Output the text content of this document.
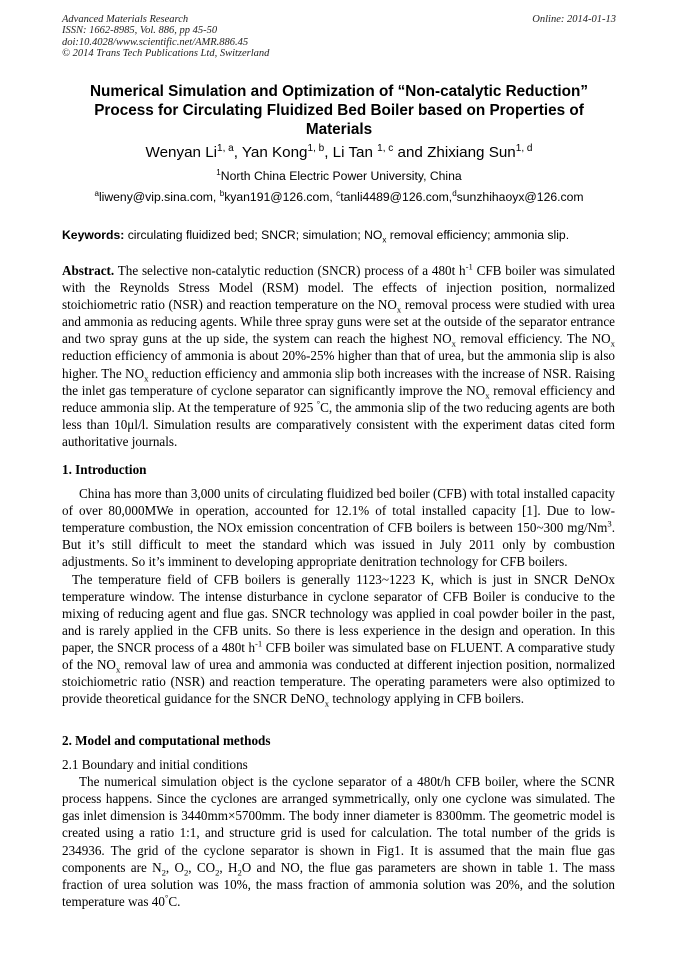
Advanced Materials Research
ISSN: 1662-8985, Vol. 886, pp 45-50
doi:10.4028/www.scientific.net/AMR.886.45
© 2014 Trans Tech Publications Ltd, Switzerland
Online: 2014-01-13
Numerical Simulation and Optimization of “Non-catalytic Reduction”
Process for Circulating Fluidized Bed Boiler based on Properties of
Materials
Wenyan Li$^{1, a}$, Yan Kong$^{1, b}$, Li Tan $^{1, c}$ and Zhixiang Sun$^{1, d}$
$^1$North China Electric Power University, China
$^a$liweny@vip.sina.com, $^b$kyan191@126.com, $^c$tanli4489@126.com,$^d$sunzhihaoyx@126.com
Keywords: circulating fluidized bed; SNCR; simulation; $NO_x$ removal efficiency; ammonia slip.
Abstract. The selective non-catalytic reduction (SNCR) process of a 480t $h^{-1}$ CFB boiler was simulated with the Reynolds Stress Model (RSM) model. The effects of injection position, normalized stoichiometric ratio (NSR) and reaction temperature on the $NO_x$ removal process were studied with urea and ammonia as reducing agents. While three spray guns were set at the outside of the separator entrance and two spray guns at the up side, the system can reach the highest $NO_x$ removal efficiency. The $NO_x$ reduction efficiency of ammonia is about 20%-25% higher than that of urea, but the ammonia slip is also higher. The $NO_x$ reduction efficiency and ammonia slip both increases with the increase of NSR. Raising the inlet gas temperature of cyclone separator can significantly improve the $NO_x$ removal efficiency and reduce ammonia slip. At the temperature of 925 °C, the ammonia slip of the two reducing agents are both less than 10μl/l. Simulation results are comparatively consistent with the experiment datas cited form authoritative journals.
1. Introduction

China has more than 3,000 units of circulating fluidized bed boiler (CFB) with total installed capacity of over 80,000MWe in operation, accounted for 12.1% of total installed capacity [1]. Due to low-temperature combustion, the NOx emission concentration of CFB boilers is between 150~300 mg/Nm$^3$. But it’s still difficult to meet the standard which was issued in July 2011 only by combustion adjustments. So it’s imminent to developing appropriate denitration technology for CFB boilers.

The temperature field of CFB boilers is generally 1123~1223 K, which is just in SNCR DeNOx temperature window. The intense disturbance in cyclone separator of CFB Boiler is conducive to the mixing of reducing agent and flue gas. SNCR technology was applied in coal powder boiler in the past, and is rarely applied in the CFB units. So there is less experience in the design and operation. In this paper, the SNCR process of a 480t $h^{-1}$ CFB boiler was simulated base on FLUENT. A comparative study of the $NO_x$ removal law of urea and ammonia was conducted at different injection position, normalized stoichiometric ratio (NSR) and reaction temperature. The operating parameters were also optimized to provide theoretical guidance for the SNCR DeNO$_x$ technology applying in CFB boilers.

2. Model and computational methods
2.1 Boundary and initial conditions

The numerical simulation object is the cyclone separator of a 480t/h CFB boiler, where the SCNR process happens. Since the cyclones are arranged symmetrically, only one cyclone was simulated. The gas inlet dimension is 3440mm×5700mm. The body inner diameter is 8300mm. The geometric model is created using a ratio 1:1, and structure grid is used for calculation. The total number of the grids is 234936. The grid of the cyclone separator is shown in Fig1. It is assumed that the main flue gas components are $N_2$, $O_2$, $CO_2$, $H_2O$ and NO, the flue gas parameters are shown in table 1. The mass fraction of urea solution was 10%, the mass fraction of ammonia solution was 20%, and the solution temperature was 40°C.
